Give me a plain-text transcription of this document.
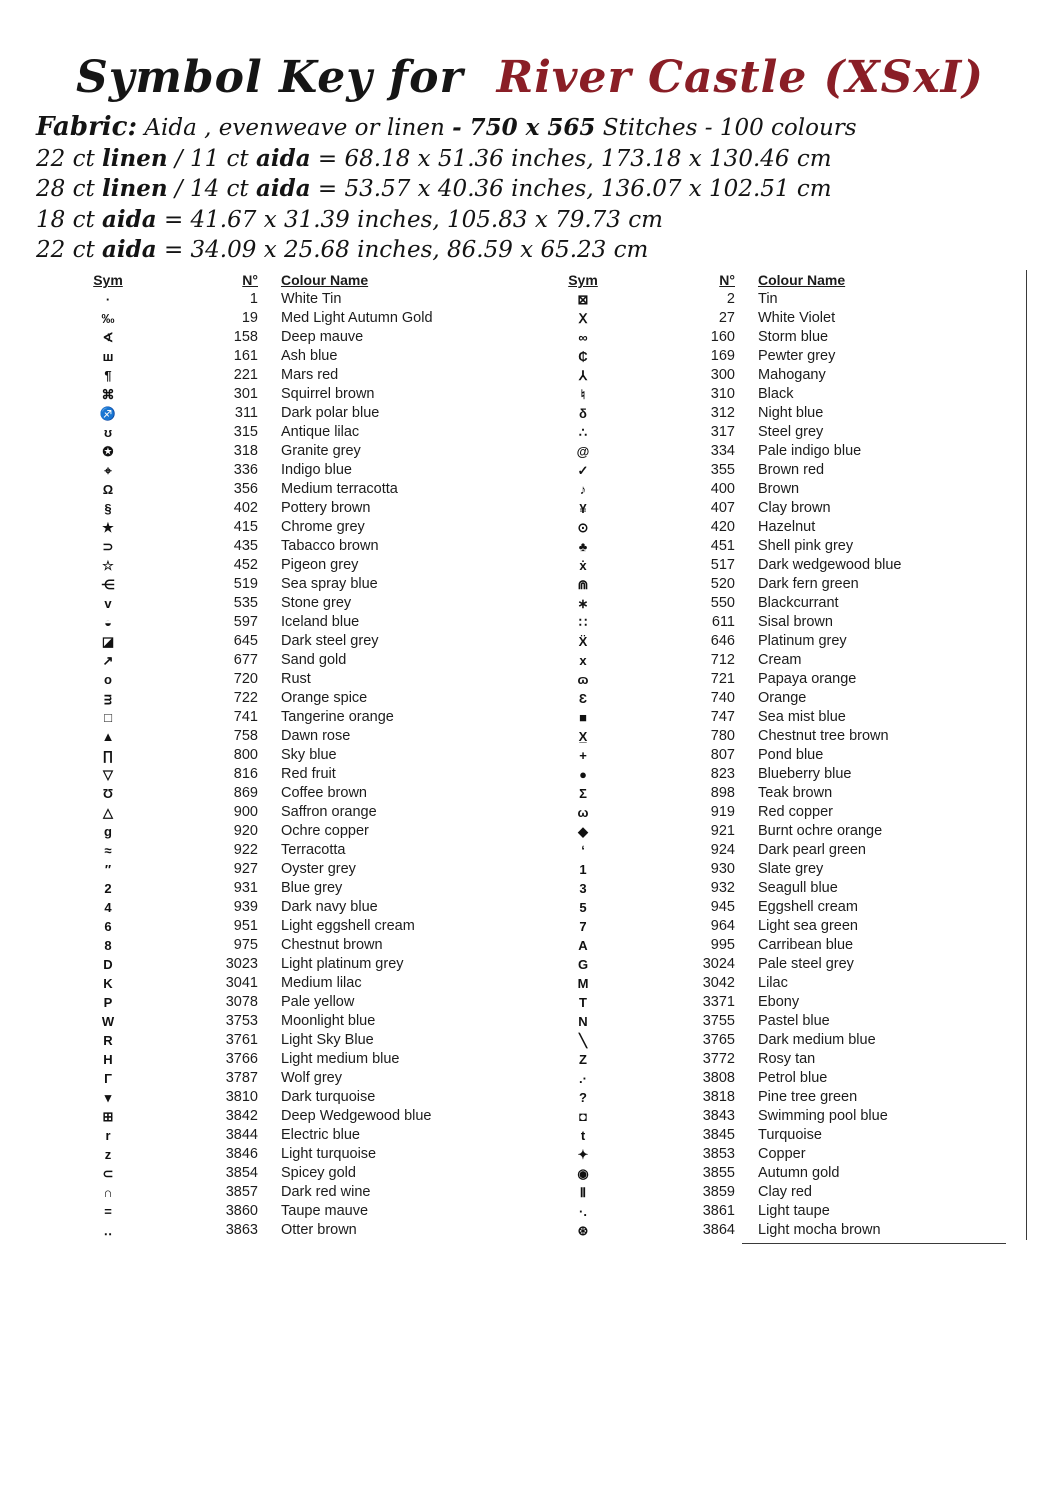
Symbol Key for River Castle (XSxI)
Fabric: Aida , evenweave or linen - 750 x 565 Stitches - 100 colours
22 ct linen / 11 ct aida = 68.18 x 51.36 inches, 173.18 x 130.46 cm
28 ct linen / 14 ct aida = 53.57 x 40.36 inches, 136.07 x 102.51 cm
18 ct aida = 41.67 x 31.39 inches, 105.83 x 79.73 cm
22 ct aida = 34.09 x 25.68 inches, 86.59 x 65.23 cm
Sym	N°	Colour Name
·	1	White Tin
‰	19	Med Light Autumn Gold
∢	158	Deep mauve
ш	161	Ash blue
¶	221	Mars red
⌘	301	Squirrel brown
♐	311	Dark polar blue
ʊ	315	Antique lilac
✪	318	Granite grey
⌖	336	Indigo blue
Ω	356	Medium terracotta
§	402	Pottery brown
★	415	Chrome grey
⊃	435	Tabacco brown
☆	452	Pigeon grey
⋲	519	Sea spray blue
ᴠ	535	Stone grey
◒	597	Iceland blue
◪	645	Dark steel grey
↗	677	Sand gold
o	720	Rust
ᴟ	722	Orange spice
□	741	Tangerine orange
▲	758	Dawn rose
∏	800	Sky blue
▽	816	Red fruit
Ʊ	869	Coffee brown
△	900	Saffron orange
g	920	Ochre copper
≈	922	Terracotta
″	927	Oyster grey
2	931	Blue grey
4	939	Dark navy blue
6	951	Light eggshell cream
8	975	Chestnut brown
D	3023	Light platinum grey
K	3041	Medium lilac
P	3078	Pale yellow
W	3753	Moonlight blue
R	3761	Light Sky Blue
H	3766	Light medium blue
Γ	3787	Wolf grey
▾	3810	Dark turquoise
⊞	3842	Deep Wedgewood blue
r	3844	Electric blue
z	3846	Light turquoise
⊂	3854	Spicey gold
∩	3857	Dark red wine
=	3860	Taupe mauve
‥	3863	Otter brown
Sym	N°	Colour Name
⊠	2	Tin
Ⅹ	27	White Violet
∞	160	Storm blue
₵	169	Pewter grey
⅄	300	Mahogany
♮	310	Black
δ	312	Night blue
∴	317	Steel grey
@	334	Pale indigo blue
✓	355	Brown red
♪	400	Brown
¥	407	Clay brown
⊙	420	Hazelnut
♣	451	Shell pink grey
ẋ	517	Dark wedgewood blue
⋒	520	Dark fern green
∗	550	Blackcurrant
∷	611	Sisal brown
Ẍ	646	Platinum grey
x	712	Cream
ɷ	721	Papaya orange
Ɛ	740	Orange
■	747	Sea mist blue
X̲	780	Chestnut tree brown
+	807	Pond blue
●	823	Blueberry blue
Σ	898	Teak brown
ω	919	Red copper
◆	921	Burnt ochre orange
ʻ	924	Dark pearl green
1	930	Slate grey
3	932	Seagull blue
5	945	Eggshell cream
7	964	Light sea green
A	995	Carribean blue
G	3024	Pale steel grey
M	3042	Lilac
T	3371	Ebony
N	3755	Pastel blue
╲	3765	Dark medium blue
Z	3772	Rosy tan
.·	3808	Petrol blue
?	3818	Pine tree green
◘	3843	Swimming pool blue
t	3845	Turquoise
✦	3853	Copper
◉	3855	Autumn gold
Ⅱ	3859	Clay red
·.	3861	Light taupe
⊛	3864	Light mocha brown
